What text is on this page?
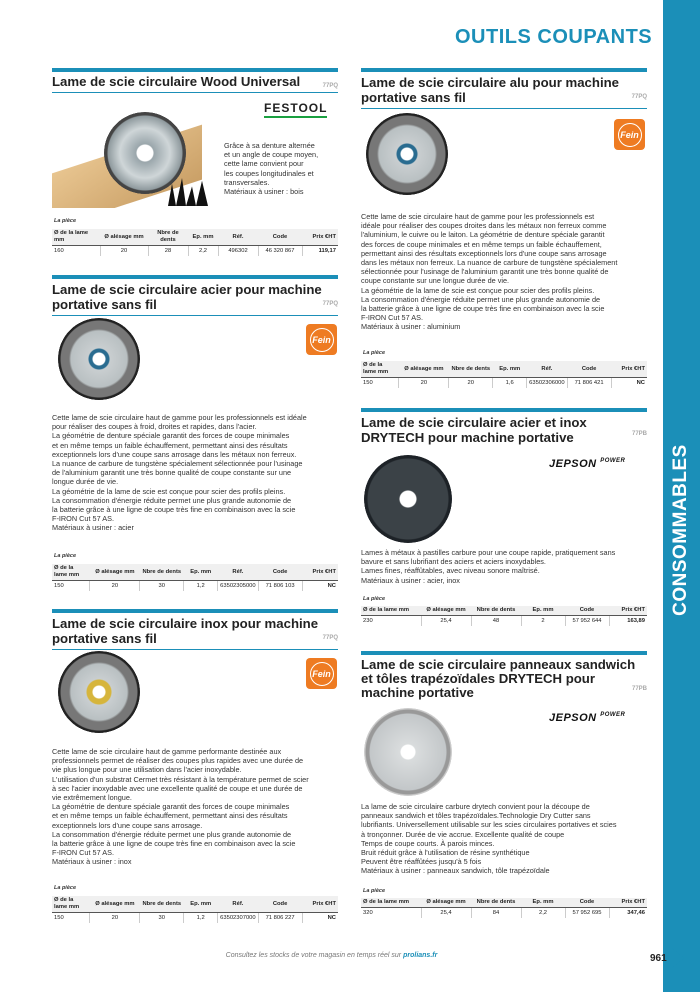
OUTILS COUPANTS
CONSOMMABLES
Lame de scie circulaire Wood Universal	77PQ
FESTOOL
Grâce à sa denture alternée
et un angle de coupe moyen,
cette lame convient pour
les coupes longitudinales et
transversales.
Matériaux à usiner : bois
La pièce
Ø de la lame mm	Ø alésage mm	Nbre de dents	Ep. mm	Réf.	Code	Prix €HT
160	20	28	2,2	496302	46 320 867	119,17
Lame de scie circulaire acier pour machine portative sans fil	77PQ
Fein
Cette lame de scie circulaire haut de gamme pour les professionnels est idéale
pour réaliser des coupes à froid, droites et rapides, dans l'acier.
La géométrie de denture spéciale garantit des forces de coupe minimales
et en même temps un faible échauffement, permettant ainsi des résultats
exceptionnels lors d'une coupe sans arrosage dans les métaux non ferreux.
La nuance de carbure de tungstène spécialement sélectionnée pour l'usinage
de l'aluminium garantit une très bonne qualité de coupe constante sur une
longue durée de vie.
La géométrie de la lame de scie est conçue pour scier des profils pleins.
La consommation d'énergie réduite permet une plus grande autonomie de
la batterie grâce à une ligne de coupe très fine en combinaison avec la scie
F-IRON Cut 57 AS.
Matériaux à usiner : acier
La pièce
Ø de la lame mm	Ø alésage mm	Nbre de dents	Ep. mm	Réf.	Code	Prix €HT
150	20	30	1,2	63502305000	71 806 103	NC
Lame de scie circulaire inox pour machine portative sans fil	77PQ
Fein
Cette lame de scie circulaire haut de gamme performante destinée aux
professionnels permet de réaliser des coupes plus rapides avec une durée de
vie plus longue pour une utilisation dans l'acier inoxydable.
L'utilisation d'un substrat Cermet très résistant à la température permet de scier
à sec l'acier inoxydable avec une excellente qualité de coupe et une durée de
vie extrêmement longue.
La géométrie de denture spéciale garantit des forces de coupe minimales
et en même temps un faible échauffement, permettant ainsi des résultats
exceptionnels lors d'une coupe sans arrosage.
La consommation d'énergie réduite permet une plus grande autonomie de
la batterie grâce à une ligne de coupe très fine en combinaison avec la scie
F-IRON Cut 57 AS.
Matériaux à usiner : inox
La pièce
Ø de la lame mm	Ø alésage mm	Nbre de dents	Ep. mm	Réf.	Code	Prix €HT
150	20	30	1,2	63502307000	71 806 227	NC
Lame de scie circulaire alu pour machine portative sans fil	77PQ
Fein
Cette lame de scie circulaire haut de gamme pour les professionnels est
idéale pour réaliser des coupes droites dans les métaux non ferreux comme
l'aluminium, le cuivre ou le laiton. La géométrie de denture spéciale garantit
des forces de coupe minimales et en même temps un faible échauffement,
permettant ainsi des résultats exceptionnels lors d'une coupe sans arrosage
dans les métaux non ferreux. La nuance de carbure de tungstène spécialement
sélectionnée pour l'usinage de l'aluminium garantit une très bonne qualité de
coupe constante sur une longue durée de vie.
La géométrie de la lame de scie est conçue pour scier des profils pleins.
La consommation d'énergie réduite permet une plus grande autonomie de
la batterie grâce à une ligne de coupe très fine en combinaison avec la scie
F-IRON Cut 57 AS.
Matériaux à usiner : aluminium
La pièce
Ø de la lame mm	Ø alésage mm	Nbre de dents	Ep. mm	Réf.	Code	Prix €HT
150	20	20	1,6	63502306000	71 806 421	NC
Lame de scie circulaire acier et inox DRYTECH pour machine portative	77PB
JEPSON $^{POWER}$
Lames à métaux à pastilles carbure pour une coupe rapide, pratiquement sans
bavure et sans lubrifiant des aciers et aciers inoxydables.
Lames fines, réaffûtables, avec niveau sonore maîtrisé.
Matériaux à usiner : acier, inox
La pièce
Ø de la lame mm	Ø alésage mm	Nbre de dents	Ep. mm	Code	Prix €HT
230	25,4	48	2	57 952 644	163,89
Lame de scie circulaire panneaux sandwich et tôles trapézoïdales DRYTECH pour machine portative	77PB
JEPSON $^{POWER}$
La lame de scie circulaire carbure drytech convient pour la découpe de
panneaux sandwich et tôles trapézoïdales.Technologie Dry Cutter sans
lubrifiants. Universellement utilisable sur les scies circulaires portatives et scies
à tronçonner. Durée de vie accrue. Excellente qualité de coupe
Temps de coupe courts. À parois minces.
Bruit réduit grâce à l'utilisation de résine synthétique
Peuvent être réaffûtées jusqu'à 5 fois
Matériaux à usiner : panneaux sandwich, tôle trapézoïdale
La pièce
Ø de la lame mm	Ø alésage mm	Nbre de dents	Ep. mm	Code	Prix €HT
320	25,4	84	2,2	57 952 695	347,46
Consultez les stocks de votre magasin en temps réel sur prolians.fr	961
